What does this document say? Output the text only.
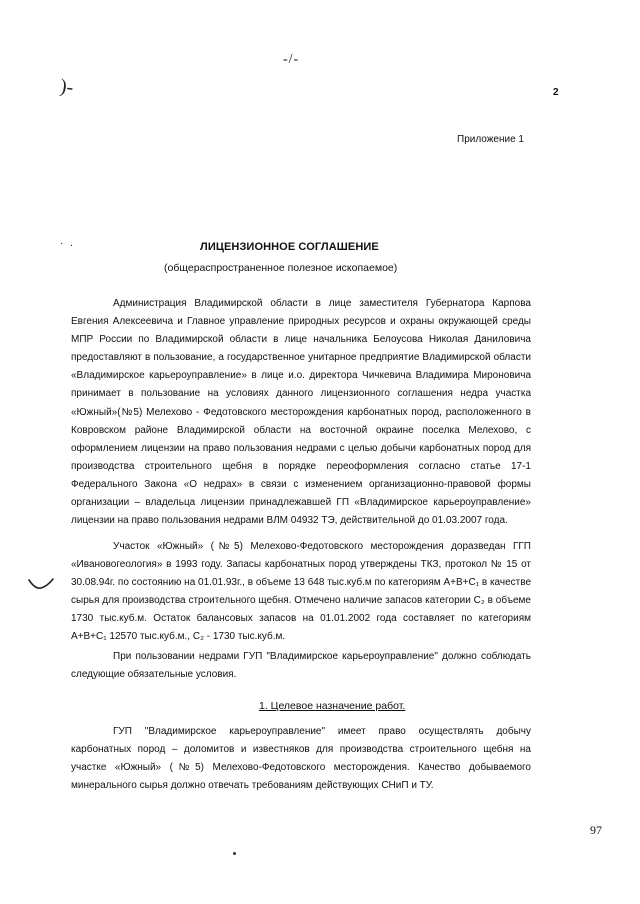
-/-
)-	2
Приложение 1
· .	ЛИЦЕНЗИОННОЕ СОГЛАШЕНИЕ
(общераспространенное полезное ископаемое)
Администрация Владимирской области в лице заместителя Губернатора Карпова Евгения Алексеевича и Главное управление природных ресурсов и охраны окружающей среды МПР России по Владимирской области в лице начальника Белоусова Николая Даниловича предоставляют в пользование, а государственное унитарное предприятие Владимирской области «Владимирское карьероуправление» в лице и.о. директора Чичкевича Владимира Мироновича принимает в пользование на условиях данного лицензионного соглашения недра участка «Южный»(№5) Мелехово - Федотовского месторождения карбонатных пород, расположенного в Ковровском районе Владимирской области на восточной окраине поселка Мелехово, с оформлением лицензии на право пользования недрами с целью добычи карбонатных пород для производства строительного щебня в порядке переоформления согласно статье 17-1 Федерального Закона «О недрах» в связи с изменением организационно-правовой формы организации – владельца лицензии принадлежавшей ГП «Владимирское карьероуправление» лицензии на право пользования недрами ВЛМ 04932 ТЭ, действительной до 01.03.2007 года.
Участок «Южный» (№5) Мелехово-Федотовского месторождения доразведан ГГП «Ивановогеология» в 1993 году. Запасы карбонатных пород утверждены ТКЗ, протокол № 15 от 30.08.94г. по состоянию на 01.01.93г., в объеме 13 648 тыс.куб.м по категориям А+В+С₁ в качестве сырья для производства строительного щебня. Отмечено наличие запасов категории С₂ в объеме 1730 тыс.куб.м. Остаток балансовых запасов на 01.01.2002 года составляет по категориям А+В+С₁ 12570 тыс.куб.м., С₂ - 1730 тыс.куб.м.
При пользовании недрами ГУП "Владимирское карьероуправление" должно соблюдать следующие обязательные условия.
1. Целевое назначение работ.
ГУП "Владимирское карьероуправление" имеет право осуществлять добычу карбонатных пород – доломитов и известняков для производства строительного щебня на участке «Южный» (№5) Мелехово-Федотовского месторождения. Качество добываемого минерального сырья должно отвечать требованиям действующих СНиП и ТУ.
97
